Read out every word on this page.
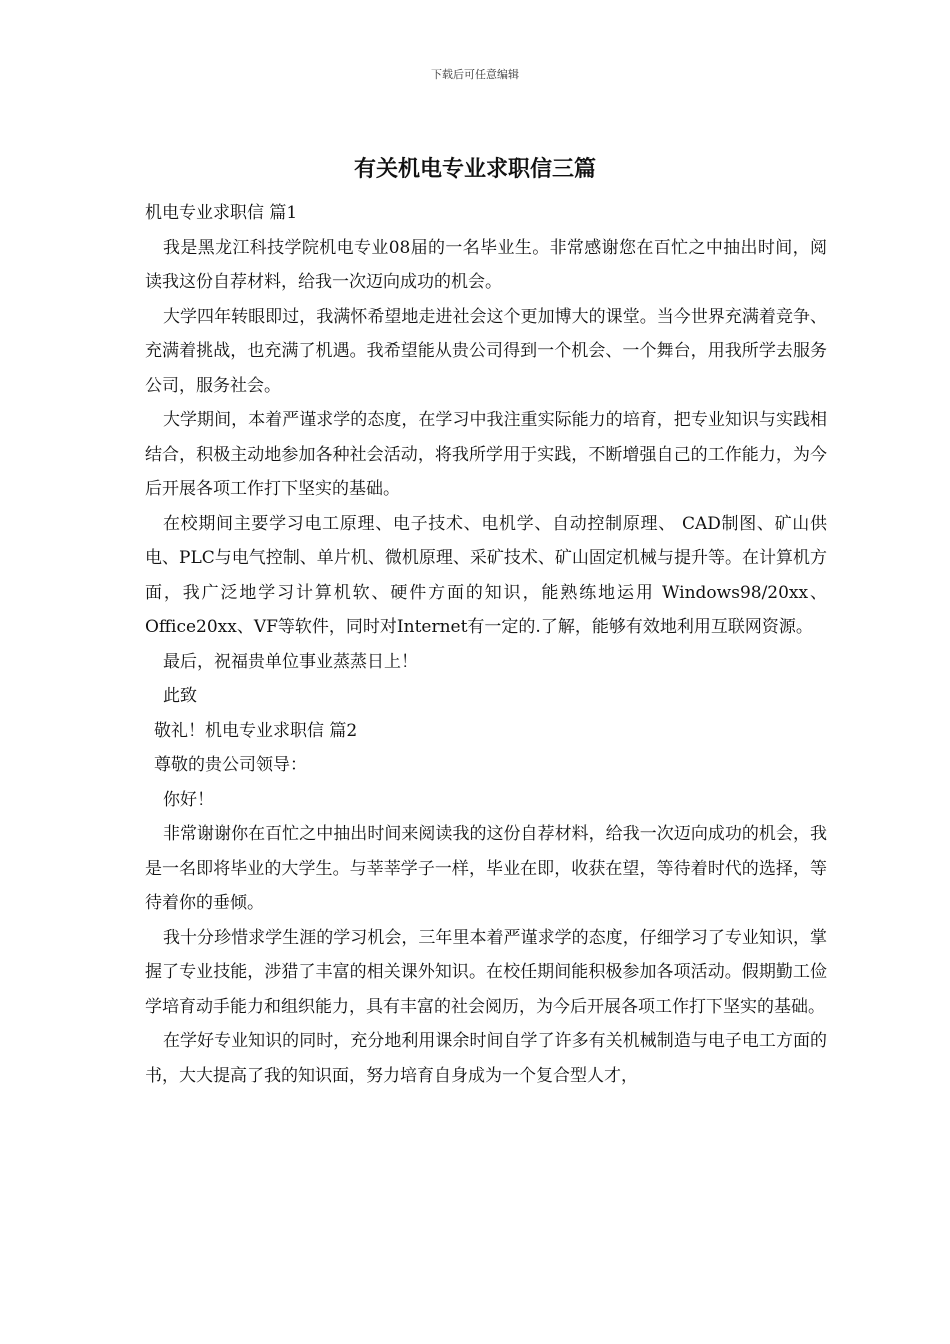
下载后可任意编辑
有关机电专业求职信三篇

机电专业求职信 篇1

我是黑龙江科技学院机电专业08届的一名毕业生。非常感谢您在百忙之中抽出时间，阅读我这份自荐材料，给我一次迈向成功的机会。

大学四年转眼即过，我满怀希望地走进社会这个更加博大的课堂。当今世界充满着竞争、充满着挑战，也充满了机遇。我希望能从贵公司得到一个机会、一个舞台，用我所学去服务公司，服务社会。

大学期间，本着严谨求学的态度，在学习中我注重实际能力的培育，把专业知识与实践相结合，积极主动地参加各种社会活动，将我所学用于实践，不断增强自己的工作能力，为今后开展各项工作打下坚实的基础。

在校期间主要学习电工原理、电子技术、电机学、自动控制原理、 CAD制图、矿山供电、PLC与电气控制、单片机、微机原理、采矿技术、矿山固定机械与提升等。在计算机方面，我广泛地学习计算机软、硬件方面的知识，能熟练地运用 Windows98/20xx、 Office20xx、VF等软件，同时对Internet有一定的.了解，能够有效地利用互联网资源。

最后，祝福贵单位事业蒸蒸日上！

此致

敬礼！机电专业求职信 篇2

尊敬的贵公司领导：

你好！

非常谢谢你在百忙之中抽出时间来阅读我的这份自荐材料，给我一次迈向成功的机会，我是一名即将毕业的大学生。与莘莘学子一样，毕业在即，收获在望，等待着时代的选择，等待着你的垂倾。

我十分珍惜求学生涯的学习机会，三年里本着严谨求学的态度，仔细学习了专业知识，掌握了专业技能，涉猎了丰富的相关课外知识。在校任期间能积极参加各项活动。假期勤工俭学培育动手能力和组织能力，具有丰富的社会阅历，为今后开展各项工作打下坚实的基础。

在学好专业知识的同时，充分地利用课余时间自学了许多有关机械制造与电子电工方面的书，大大提高了我的知识面，努力培育自身成为一个复合型人才，
